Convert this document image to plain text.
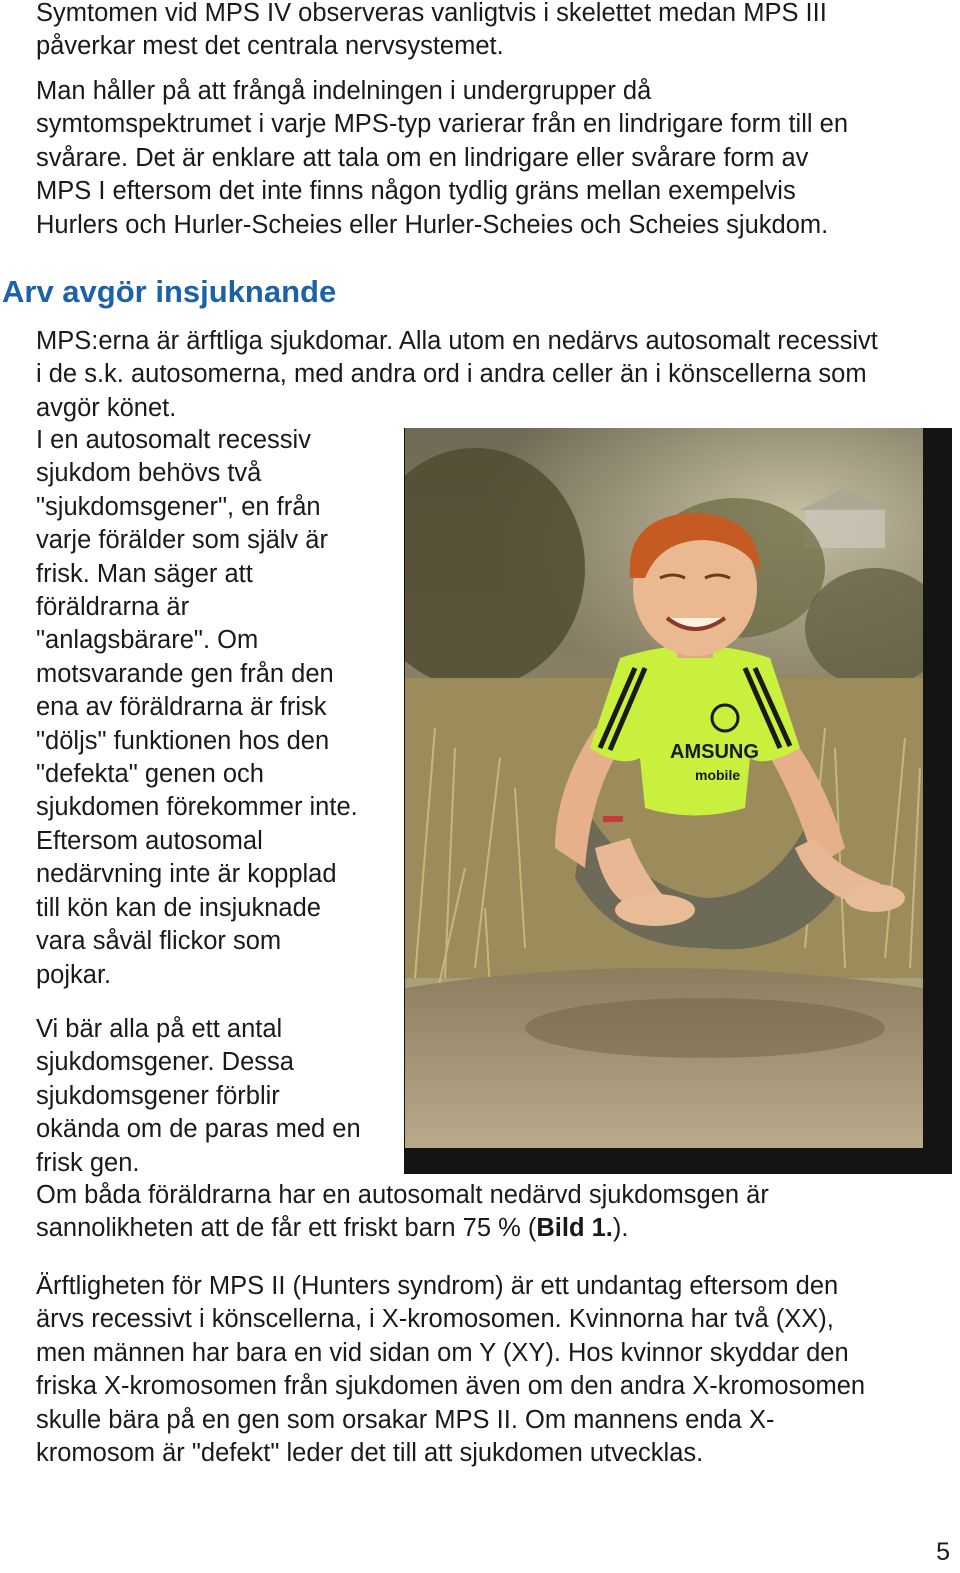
Symtomen vid MPS IV observeras vanligtvis i skelettet medan MPS III
påverkar mest det centrala nervsystemet.

Man håller på att frångå indelningen i undergrupper då
symtomspektrumet i varje MPS-typ varierar från en lindrigare form till en
svårare. Det är enklare att tala om en lindrigare eller svårare form av
MPS I eftersom det inte finns någon tydlig gräns mellan exempelvis
Hurlers och Hurler-Scheies eller Hurler-Scheies och Scheies sjukdom.

Arv avgör insjuknande

MPS:erna är ärftliga sjukdomar. Alla utom en nedärvs autosomalt recessivt
i de s.k. autosomerna, med andra ord i andra celler än i könscellerna som
avgör könet.

I en autosomalt recessiv
sjukdom behövs två
"sjukdomsgener", en från
varje förälder som själv är
frisk. Man säger att
föräldrarna är
"anlagsbärare". Om
motsvarande gen från den
ena av föräldrarna är frisk
"döljs" funktionen hos den
"defekta" genen och
sjukdomen förekommer inte.
Eftersom autosomal
nedärvning inte är kopplad
till kön kan de insjuknade
vara såväl flickor som
pojkar.

Vi bär alla på ett antal
sjukdomsgener. Dessa
sjukdomsgener förblir
okända om de paras med en
frisk gen.

Om båda föräldrarna har en autosomalt nedärvd sjukdomsgen är
sannolikheten att de får ett friskt barn 75 % (Bild 1.).

Ärftligheten för MPS II (Hunters syndrom) är ett undantag eftersom den
ärvs recessivt i könscellerna, i X-kromosomen. Kvinnorna har två (XX),
men männen har bara en vid sidan om Y (XY). Hos kvinnor skyddar den
friska X-kromosomen från sjukdomen även om den andra X-kromosomen
skulle bära på en gen som orsakar MPS II. Om mannens enda X-
kromosom är "defekt" leder det till att sjukdomen utvecklas.

AMSUNG
mobile

5
